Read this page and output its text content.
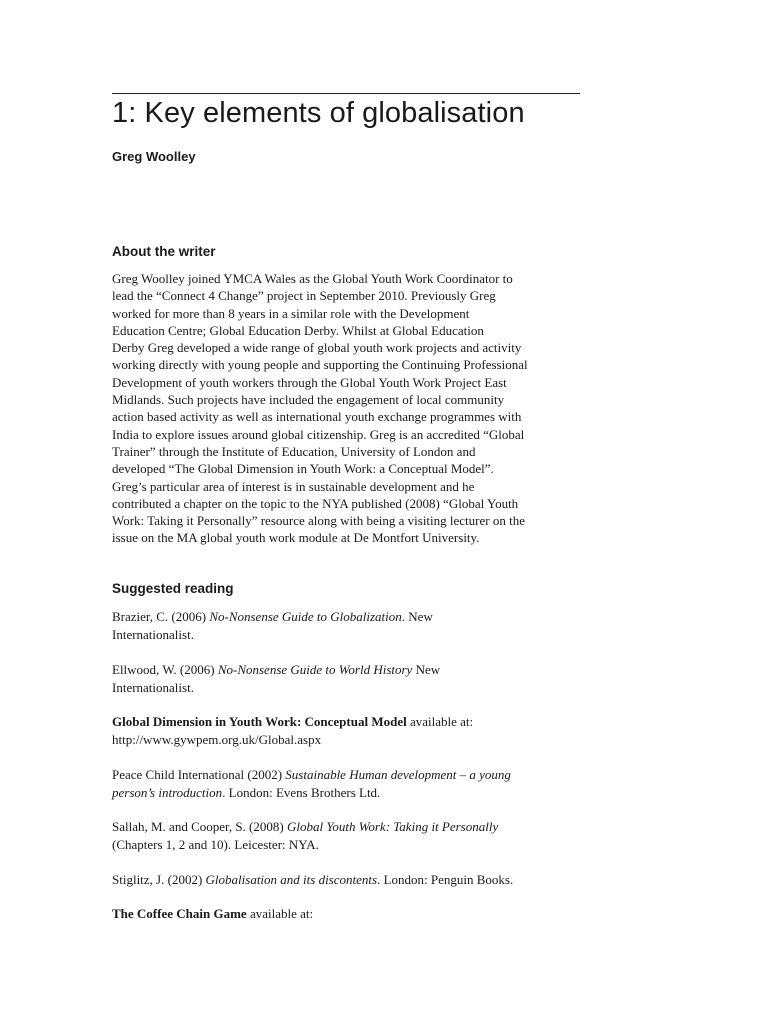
1: Key elements of globalisation
Greg Woolley
About the writer
Greg Woolley joined YMCA Wales as the Global Youth Work Coordinator to
lead the “Connect 4 Change” project in September 2010. Previously Greg
worked for more than 8 years in a similar role with the Development
Education Centre; Global Education Derby. Whilst at Global Education
Derby Greg developed a wide range of global youth work projects and activity
working directly with young people and supporting the Continuing Professional
Development of youth workers through the Global Youth Work Project East
Midlands. Such projects have included the engagement of local community
action based activity as well as international youth exchange programmes with
India to explore issues around global citizenship. Greg is an accredited “Global
Trainer” through the Institute of Education, University of London and
developed “The Global Dimension in Youth Work: a Conceptual Model”.
Greg’s particular area of interest is in sustainable development and he
contributed a chapter on the topic to the NYA published (2008) “Global Youth
Work: Taking it Personally” resource along with being a visiting lecturer on the
issue on the MA global youth work module at De Montfort University.
Suggested reading
Brazier, C. (2006) No-Nonsense Guide to Globalization. New
Internationalist.
Ellwood, W. (2006) No-Nonsense Guide to World History New
Internationalist.
Global Dimension in Youth Work: Conceptual Model available at:
http://www.gywpem.org.uk/Global.aspx
Peace Child International (2002) Sustainable Human development – a young
person’s introduction. London: Evens Brothers Ltd.
Sallah, M. and Cooper, S. (2008) Global Youth Work: Taking it Personally
(Chapters 1, 2 and 10). Leicester: NYA.
Stiglitz, J. (2002) Globalisation and its discontents. London: Penguin Books.
The Coffee Chain Game available at:
